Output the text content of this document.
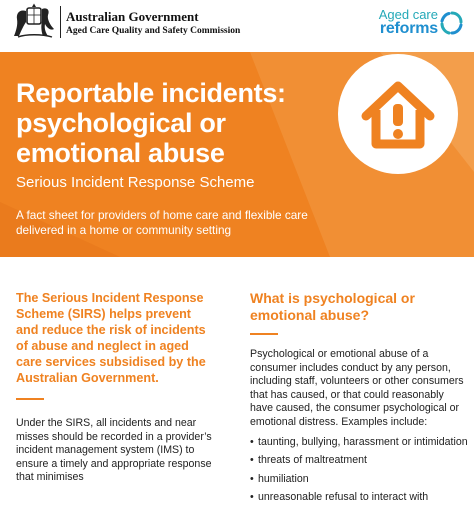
Australian Government
Aged Care Quality and Safety Commission
Aged care
reforms
Reportable incidents: psychological or emotional abuse
Serious Incident Response Scheme
A fact sheet for providers of home care and flexible care delivered in a home or community setting
The Serious Incident Response Scheme (SIRS) helps prevent and reduce the risk of incidents of abuse and neglect in aged care services subsidised by the Australian Government.
Under the SIRS, all incidents and near misses should be recorded in a provider’s incident management system (IMS) to ensure a timely and appropriate response that minimises
What is psychological or emotional abuse?
Psychological or emotional abuse of a consumer includes conduct by any person, including staff, volunteers or other consumers that has caused, or that could reasonably have caused, the consumer psychological or emotional distress. Examples include:
• taunting, bullying, harassment or intimidation
• threats of maltreatment
• humiliation
• unreasonable refusal to interact with
